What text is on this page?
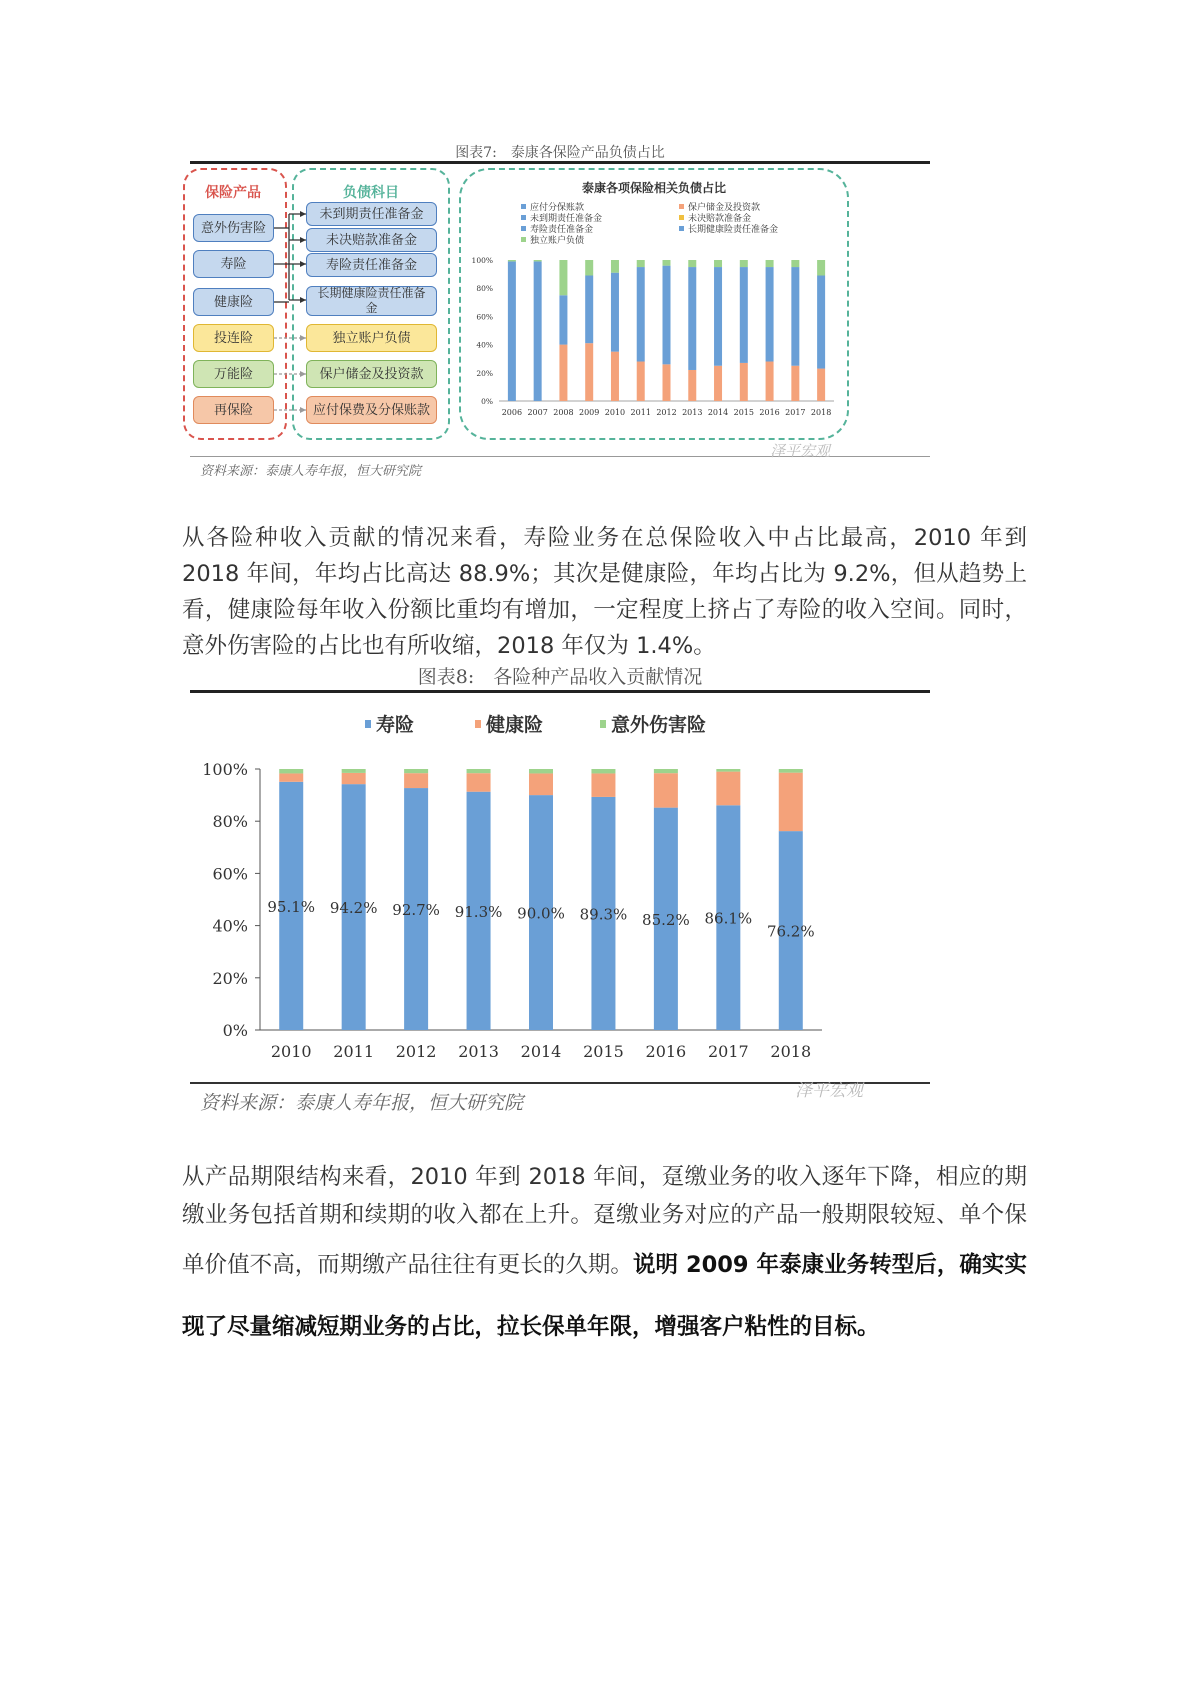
图表7:　泰康各保险产品负债占比
保险产品	负债科目
意外伤害险
寿险
健康险
投连险
万能险
再保险
未到期责任准备金
未决赔款准备金
寿险责任准备金
长期健康险责任准备金
独立账户负债
保户储金及投资款
应付保费及分保账款
泰康各项保险相关负债占比
应付分保账款	保户储金及投资款
未到期责任准备金	未决赔款准备金
寿险责任准备金	长期健康险责任准备金
独立账户负债
0%
20%
40%
60%
80%
100%
2006 2007 2008 2009 2010 2011 2012 2013 2014 2015 2016 2017 2018
资料来源：泰康人寿年报，恒大研究院
泽平宏观

从各险种收入贡献的情况来看，寿险业务在总保险收入中占比最高，2010 年到 2018 年间，年均占比高达 88.9%；其次是健康险，年均占比为 9.2%，但从趋势上看，健康险每年收入份额比重均有增加，一定程度上挤占了寿险的收入空间。同时，意外伤害险的占比也有所收缩，2018 年仅为 1.4%。

图表8:　各险种产品收入贡献情况
寿险	健康险	意外伤害险
0%
20%
40%
60%
80%
100%
2010 2011 2012 2013 2014 2015 2016 2017 2018
95.1% 94.2% 92.7% 91.3% 90.0% 89.3% 85.2% 86.1%
76.2%
资料来源：泰康人寿年报，恒大研究院
泽平宏观

从产品期限结构来看，2010 年到 2018 年间，趸缴业务的收入逐年下降，相应的期缴业务包括首期和续期的收入都在上升。趸缴业务对应的产品一般期限较短、单个保单价值不高，而期缴产品往往有更长的久期。说明 2009 年泰康业务转型后，确实实现了尽量缩减短期业务的占比，拉长保单年限，增强客户粘性的目标。
